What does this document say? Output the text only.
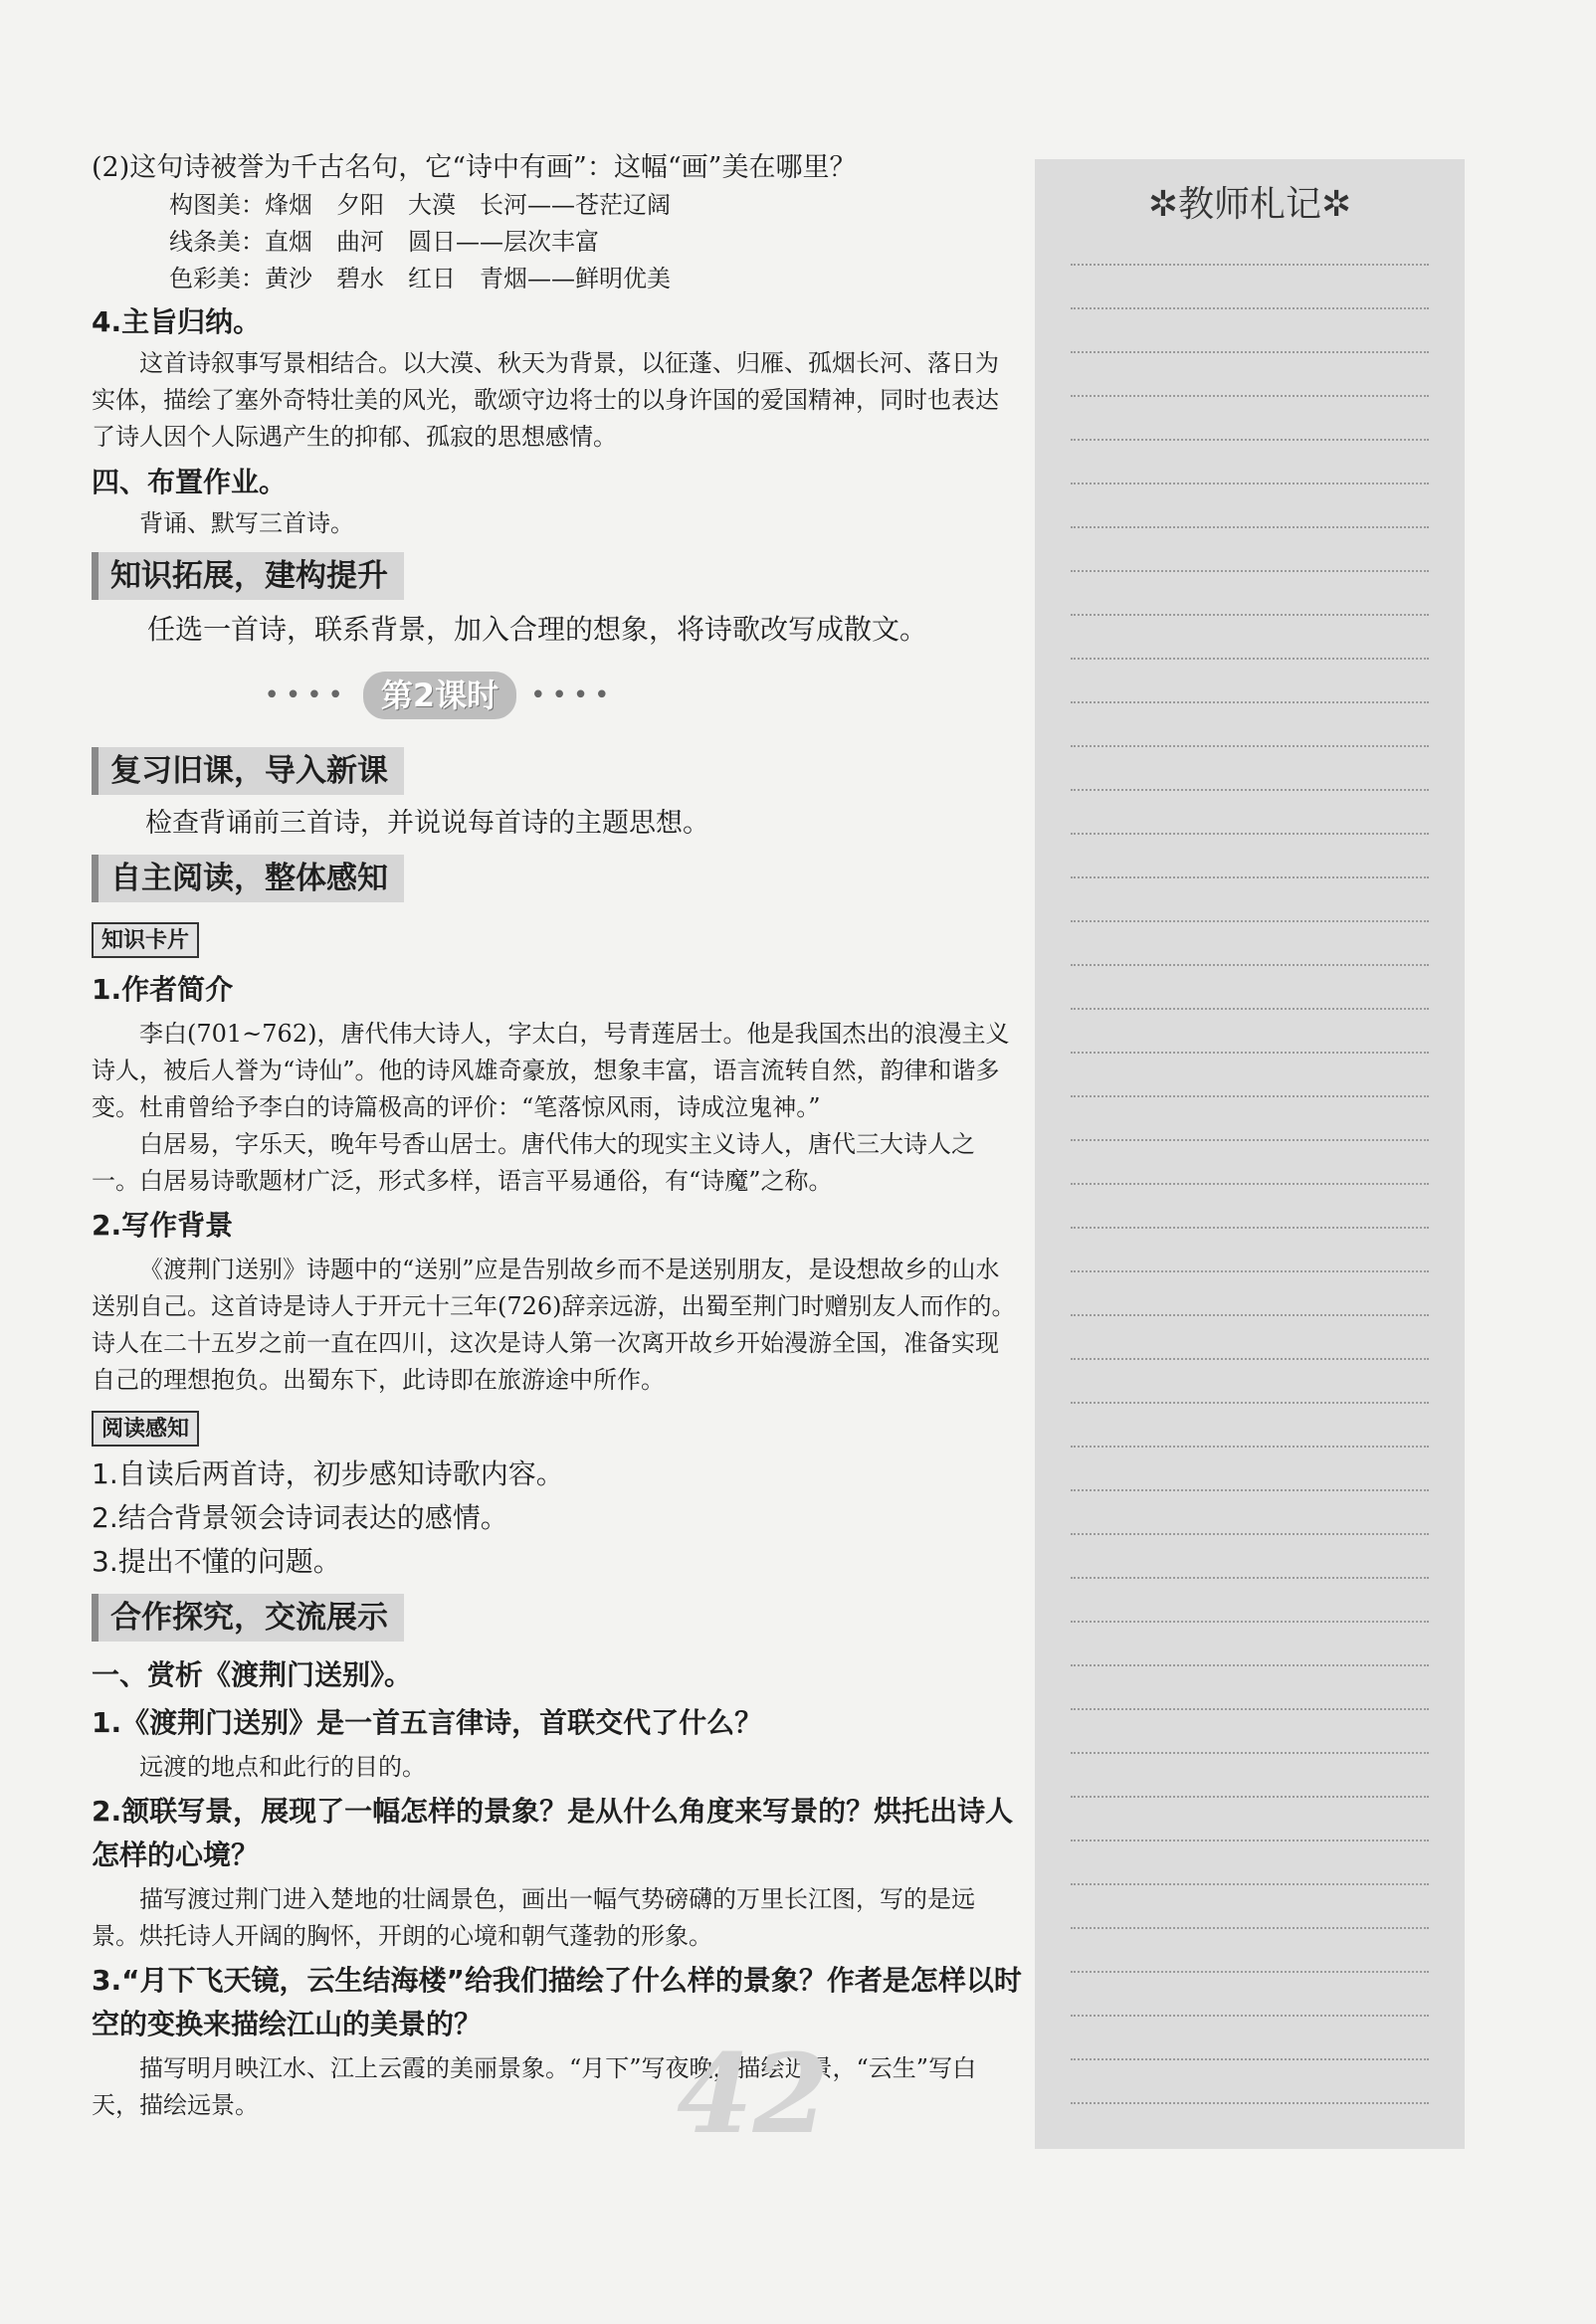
(2)这句诗被誉为千古名句，它“诗中有画”：这幅“画”美在哪里？

构图美：烽烟　夕阳　大漠　长河——苍茫辽阔

线条美：直烟　曲河　圆日——层次丰富

色彩美：黄沙　碧水　红日　青烟——鲜明优美

4.主旨归纳。

这首诗叙事写景相结合。以大漠、秋天为背景，以征蓬、归雁、孤烟长河、落日为实体，描绘了塞外奇特壮美的风光，歌颂守边将士的以身许国的爱国精神，同时也表达了诗人因个人际遇产生的抑郁、孤寂的思想感情。

四、布置作业。

背诵、默写三首诗。

知识拓展，建构提升

任选一首诗，联系背景，加入合理的想象，将诗歌改写成散文。

••••	第2课时	••••
复习旧课，导入新课

检查背诵前三首诗，并说说每首诗的主题思想。

自主阅读，整体感知
知识卡片

1.作者简介

李白(701~762)，唐代伟大诗人，字太白，号青莲居士。他是我国杰出的浪漫主义诗人，被后人誉为“诗仙”。他的诗风雄奇豪放，想象丰富，语言流转自然，韵律和谐多变。杜甫曾给予李白的诗篇极高的评价：“笔落惊风雨，诗成泣鬼神。”

白居易，字乐天，晚年号香山居士。唐代伟大的现实主义诗人，唐代三大诗人之一。白居易诗歌题材广泛，形式多样，语言平易通俗，有“诗魔”之称。

2.写作背景

《渡荆门送别》诗题中的“送别”应是告别故乡而不是送别朋友，是设想故乡的山水送别自己。这首诗是诗人于开元十三年(726)辞亲远游，出蜀至荆门时赠别友人而作的。诗人在二十五岁之前一直在四川，这次是诗人第一次离开故乡开始漫游全国，准备实现自己的理想抱负。出蜀东下，此诗即在旅游途中所作。

阅读感知

1.自读后两首诗，初步感知诗歌内容。

2.结合背景领会诗词表达的感情。

3.提出不懂的问题。

合作探究，交流展示

一、赏析《渡荆门送别》。

1.《渡荆门送别》是一首五言律诗，首联交代了什么？

远渡的地点和此行的目的。

2.颔联写景，展现了一幅怎样的景象？是从什么角度来写景的？烘托出诗人怎样的心境？

描写渡过荆门进入楚地的壮阔景色，画出一幅气势磅礴的万里长江图，写的是远景。烘托诗人开阔的胸怀，开朗的心境和朝气蓬勃的形象。

3.“月下飞天镜，云生结海楼”给我们描绘了什么样的景象？作者是怎样以时空的变换来描绘江山的美景的？

描写明月映江水、江上云霞的美丽景象。“月下”写夜晚，描绘近景，“云生”写白天，描绘远景。

✲教师札记✲
42
